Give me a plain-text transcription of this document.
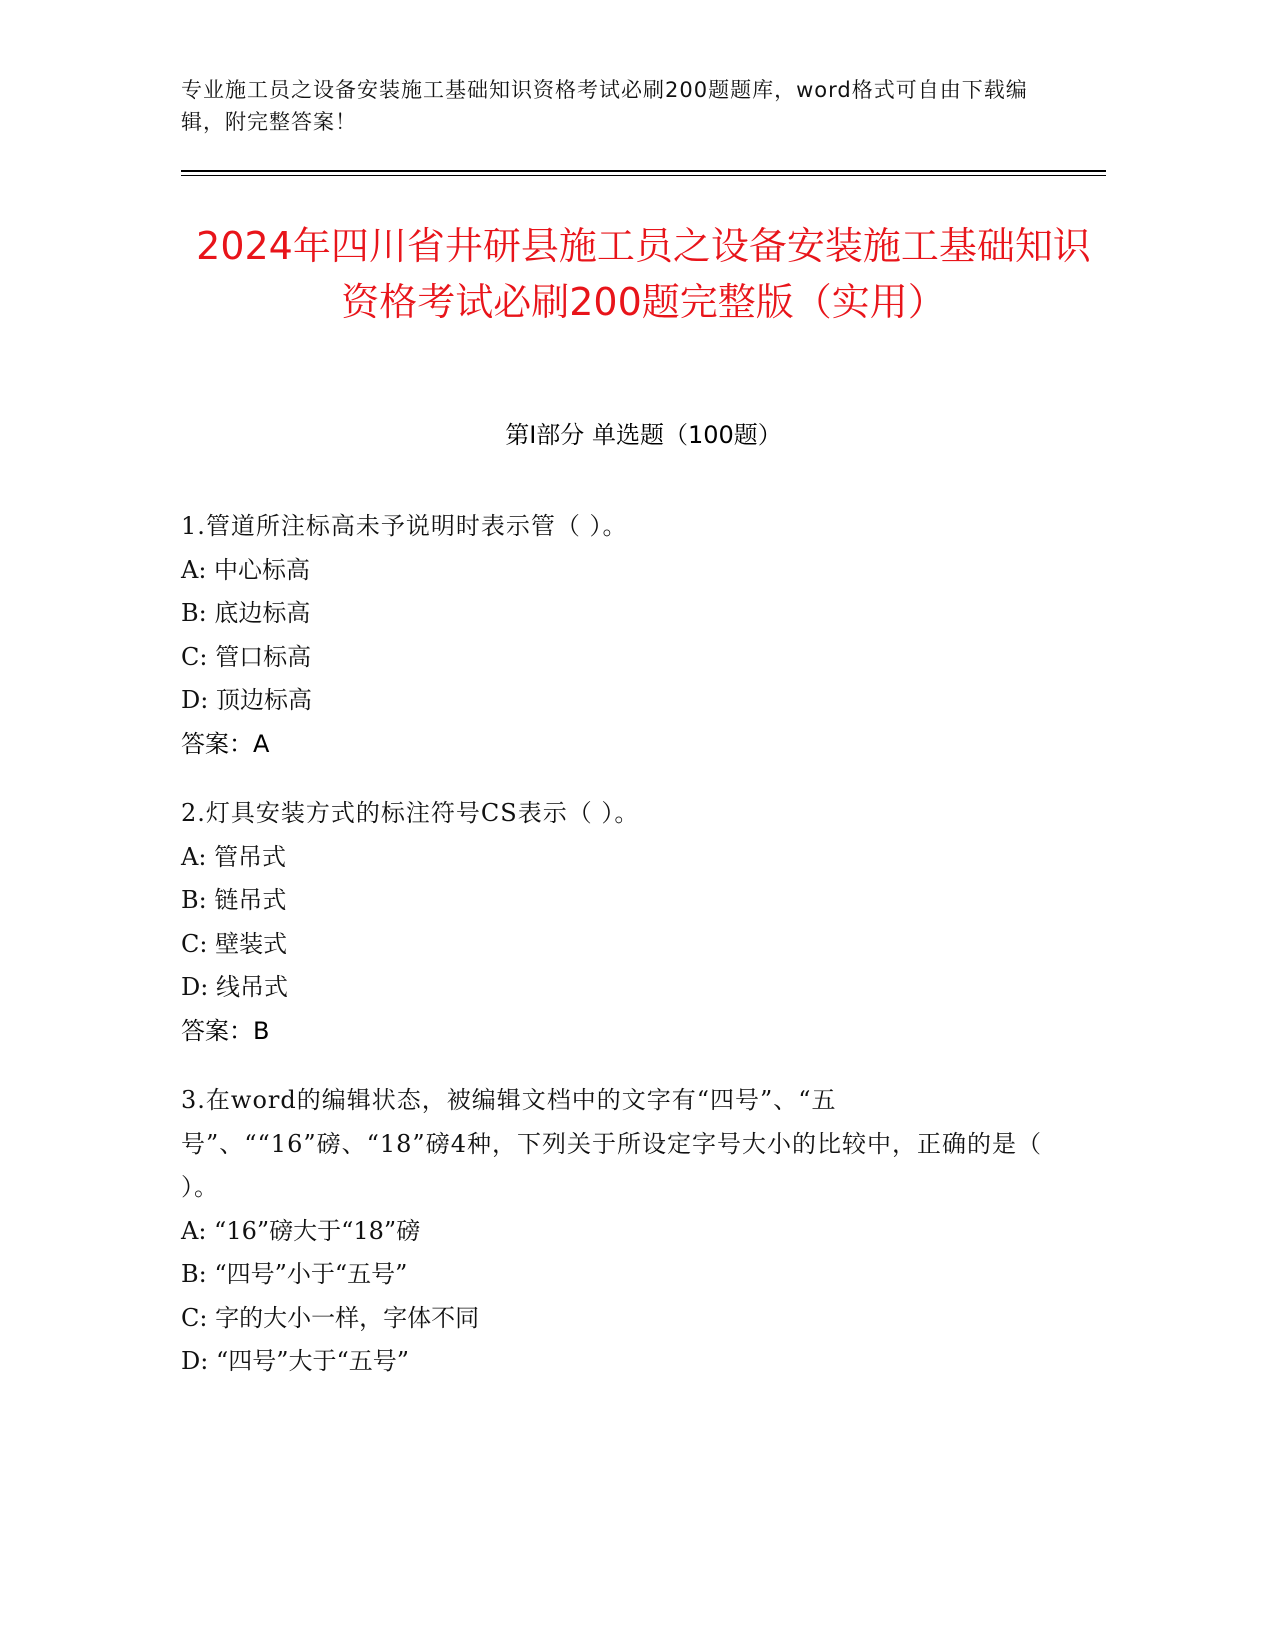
专业施工员之设备安装施工基础知识资格考试必刷200题题库，word格式可自由下载编辑，附完整答案！
2024年四川省井研县施工员之设备安装施工基础知识资格考试必刷200题完整版（实用）
第I部分 单选题（100题）
1.管道所注标高未予说明时表示管（ ）。
A: 中心标高
B: 底边标高
C: 管口标高
D: 顶边标高
答案：A
2.灯具安装方式的标注符号CS表示（ ）。
A: 管吊式
B: 链吊式
C: 壁装式
D: 线吊式
答案：B
3.在word的编辑状态，被编辑文档中的文字有“四号”、“五号”、““16”磅、“18”磅4种，下列关于所设定字号大小的比较中，正确的是（ ）。
A: “16”磅大于“18”磅
B: “四号”小于“五号”
C: 字的大小一样，字体不同
D: “四号”大于“五号”
